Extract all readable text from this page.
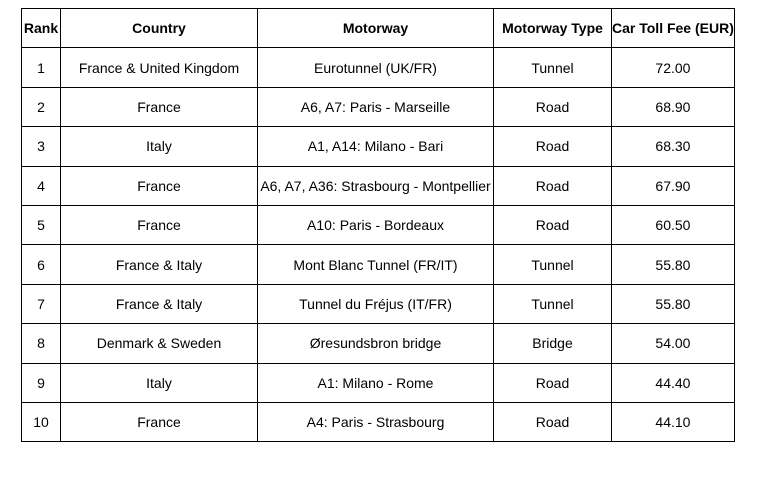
Rank	Country	Motorway	Motorway Type	Car Toll Fee (EUR)
1	France & United Kingdom	Eurotunnel (UK/FR)	Tunnel	72.00
2	France	A6, A7: Paris - Marseille	Road	68.90
3	Italy	A1, A14: Milano - Bari	Road	68.30
4	France	A6, A7, A36: Strasbourg - Montpellier	Road	67.90
5	France	A10: Paris - Bordeaux	Road	60.50
6	France & Italy	Mont Blanc Tunnel (FR/IT)	Tunnel	55.80
7	France & Italy	Tunnel du Fréjus (IT/FR)	Tunnel	55.80
8	Denmark & Sweden	Øresundsbron bridge	Bridge	54.00
9	Italy	A1: Milano - Rome	Road	44.40
10	France	A4: Paris - Strasbourg	Road	44.10
